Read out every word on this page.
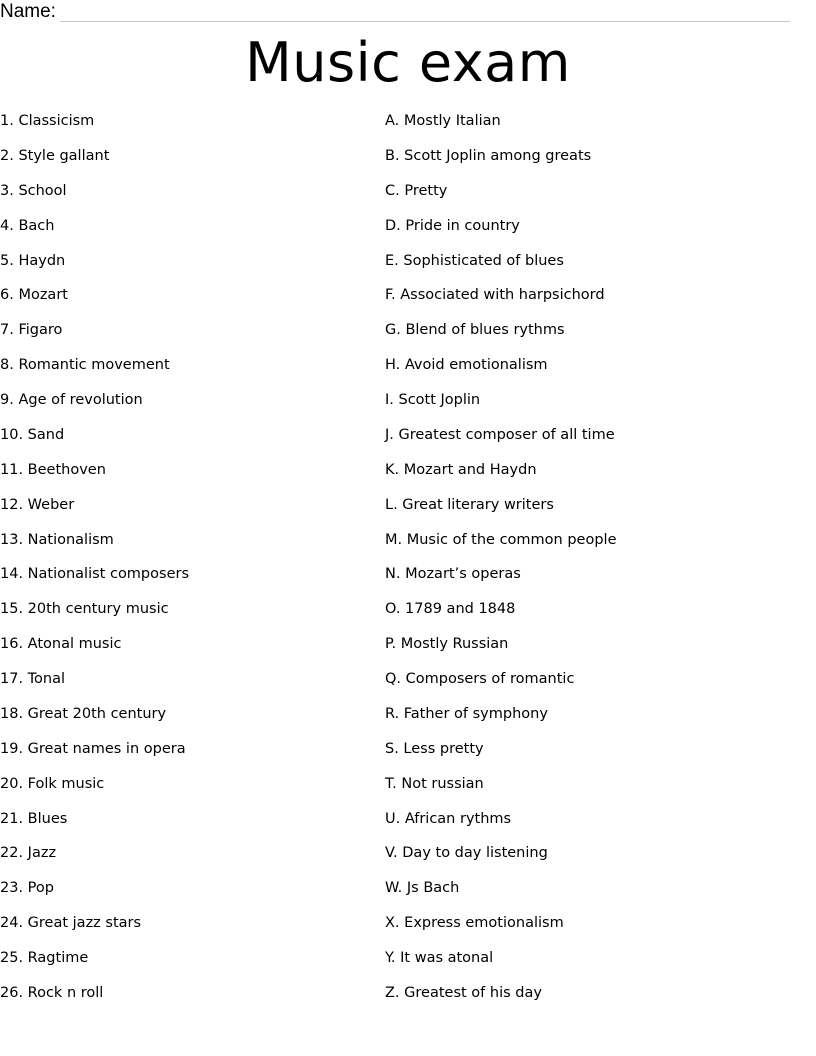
Name:
Music exam
1. Classicism
2. Style gallant
3. School
4. Bach
5. Haydn
6. Mozart
7. Figaro
8. Romantic movement
9. Age of revolution
10. Sand
11. Beethoven
12. Weber
13. Nationalism
14. Nationalist composers
15. 20th century music
16. Atonal music
17. Tonal
18. Great 20th century
19. Great names in opera
20. Folk music
21. Blues
22. Jazz
23. Pop
24. Great jazz stars
25. Ragtime
26. Rock n roll
A. Mostly Italian
B. Scott Joplin among greats
C. Pretty
D. Pride in country
E. Sophisticated of blues
F. Associated with harpsichord
G. Blend of blues rythms
H. Avoid emotionalism
I. Scott Joplin
J. Greatest composer of all time
K. Mozart and Haydn
L. Great literary writers
M. Music of the common people
N. Mozart’s operas
O. 1789 and 1848
P. Mostly Russian
Q. Composers of romantic
R. Father of symphony
S. Less pretty
T. Not russian
U. African rythms
V. Day to day listening
W. Js Bach
X. Express emotionalism
Y. It was atonal
Z. Greatest of his day
